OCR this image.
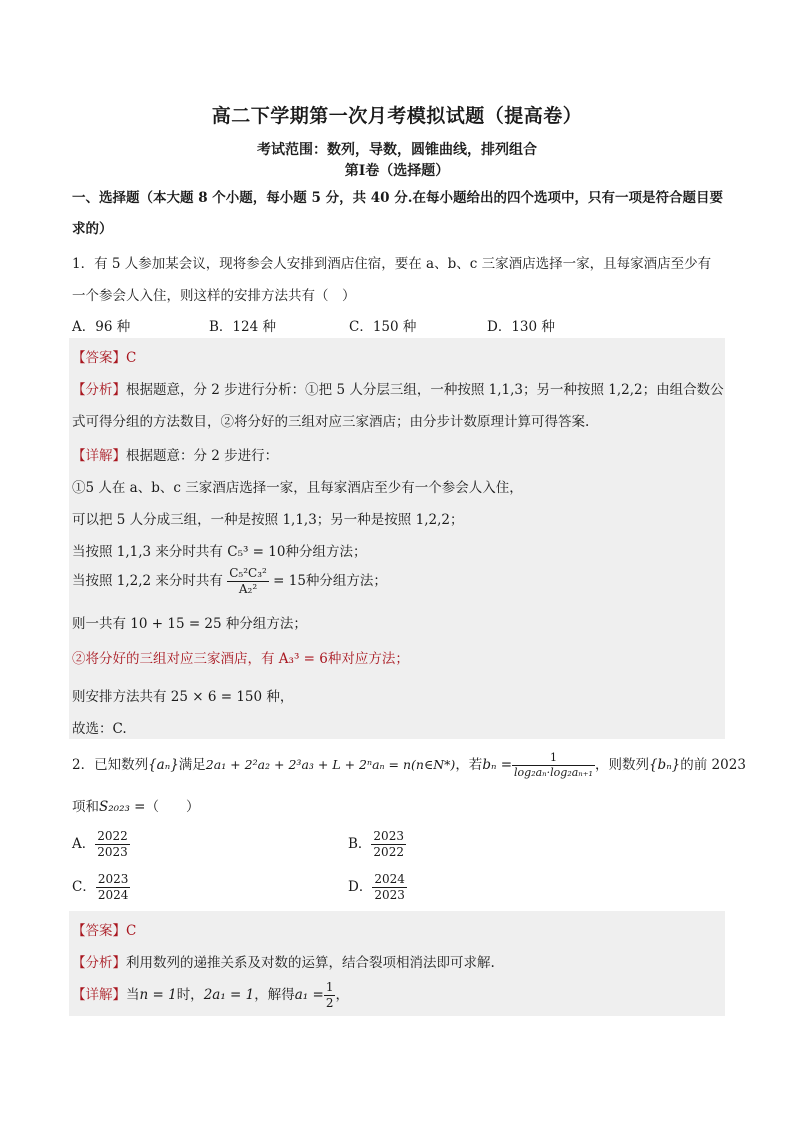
高二下学期第一次月考模拟试题（提高卷）
考试范围：数列，导数，圆锥曲线，排列组合
第Ⅰ卷（选择题）
一、选择题（本大题 8 个小题，每小题 5 分，共 40 分.在每小题给出的四个选项中，只有一项是符合题目要
求的）
1．有 5 人参加某会议，现将参会人安排到酒店住宿，要在 a、b、c 三家酒店选择一家，且每家酒店至少有
一个参会人入住，则这样的安排方法共有（　）
A．96 种	B．124 种	C．150 种	D．130 种
【答案】C
【分析】根据题意，分 2 步进行分析：①把 5 人分层三组，一种按照 1,1,3；另一种按照 1,2,2；由组合数公
式可得分组的方法数目，②将分好的三组对应三家酒店；由分步计数原理计算可得答案.
【详解】根据题意：分 2 步进行：
①5 人在 a、b、c 三家酒店选择一家，且每家酒店至少有一个参会人入住，
可以把 5 人分成三组，一种是按照 1,1,3；另一种是按照 1,2,2；
当按照 1,1,3 来分时共有 C₅³ = 10种分组方法；
当按照 1,2,2 来分时共有 $\frac{\text{C₅²C₃²}}{\text{A₂²}} = 15$种分组方法；
则一共有 10 + 15 = 25 种分组方法；
②将分好的三组对应三家酒店，有 A₃³ = 6种对应方法；
则安排方法共有 25 × 6 = 150 种，
故选：C.
2．已知数列{aₙ}满足2a₁ + 2²a₂ + 2³a₃ + L + 2ⁿaₙ = n(n∈N*)，若$b_n = \frac{1}{\text{log₂aₙ·log₂aₙ₊₁}}$ ，则数列{bₙ}的前 2023
项和S₂₀₂₃ =（　　）
A． $\frac{2022}{2023}$	B． $\frac{2023}{2022}$
C． $\frac{2023}{2024}$	D． $\frac{2024}{2023}$
【答案】C
【分析】利用数列的递推关系及对数的运算，结合裂项相消法即可求解.
【详解】当n = 1时，2a₁ = 1，解得$a_1 = \frac{1}{2}$ ，
